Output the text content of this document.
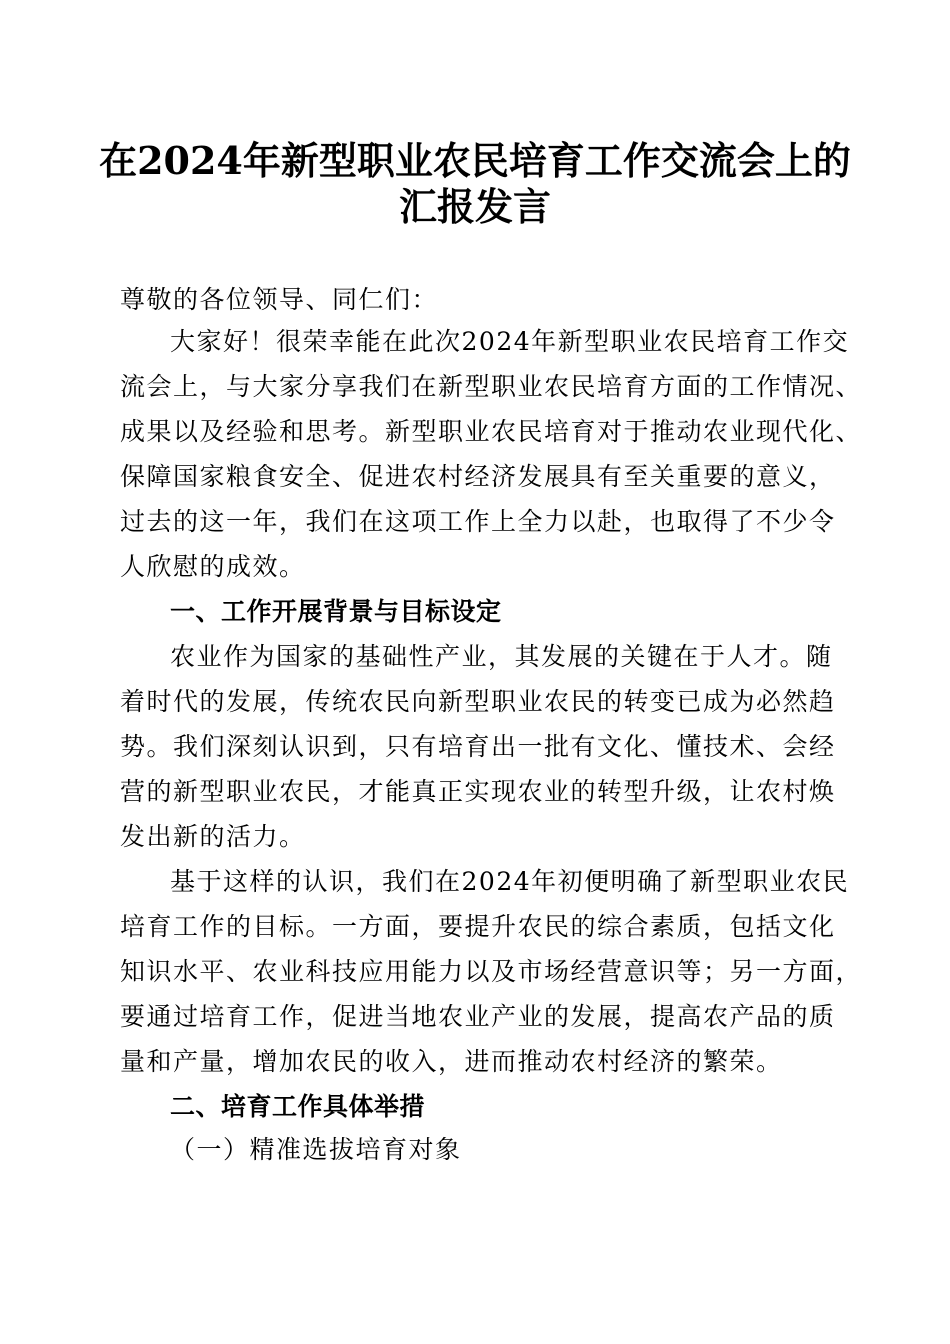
在2024年新型职业农民培育工作交流会上的
汇报发言
尊敬的各位领导、同仁们：
大家好！很荣幸能在此次2024年新型职业农民培育工作交
流会上，与大家分享我们在新型职业农民培育方面的工作情况、
成果以及经验和思考。新型职业农民培育对于推动农业现代化、
保障国家粮食安全、促进农村经济发展具有至关重要的意义，
过去的这一年，我们在这项工作上全力以赴，也取得了不少令
人欣慰的成效。
一、工作开展背景与目标设定
农业作为国家的基础性产业，其发展的关键在于人才。随
着时代的发展，传统农民向新型职业农民的转变已成为必然趋
势。我们深刻认识到，只有培育出一批有文化、懂技术、会经
营的新型职业农民，才能真正实现农业的转型升级，让农村焕
发出新的活力。
基于这样的认识，我们在2024年初便明确了新型职业农民
培育工作的目标。一方面，要提升农民的综合素质，包括文化
知识水平、农业科技应用能力以及市场经营意识等；另一方面，
要通过培育工作，促进当地农业产业的发展，提高农产品的质
量和产量，增加农民的收入，进而推动农村经济的繁荣。
二、培育工作具体举措
（一）精准选拔培育对象
